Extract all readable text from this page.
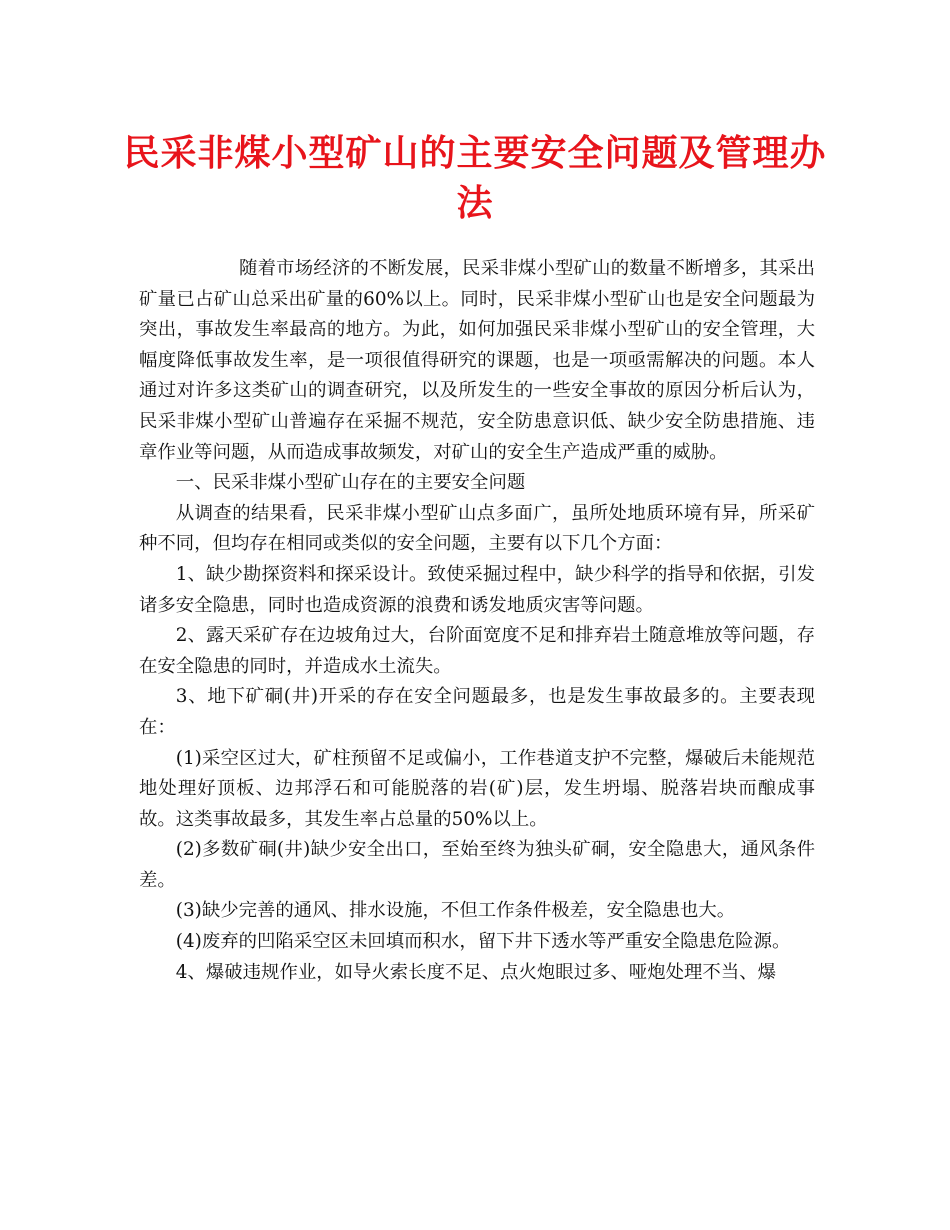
民采非煤小型矿山的主要安全问题及管理办法

随着市场经济的不断发展，民采非煤小型矿山的数量不断增多，其采出矿量已占矿山总采出矿量的60%以上。同时，民采非煤小型矿山也是安全问题最为突出，事故发生率最高的地方。为此，如何加强民采非煤小型矿山的安全管理，大幅度降低事故发生率，是一项很值得研究的课题，也是一项亟需解决的问题。本人通过对许多这类矿山的调查研究，以及所发生的一些安全事故的原因分析后认为，民采非煤小型矿山普遍存在采掘不规范，安全防患意识低、缺少安全防患措施、违章作业等问题，从而造成事故频发，对矿山的安全生产造成严重的威胁。

一、民采非煤小型矿山存在的主要安全问题

从调查的结果看，民采非煤小型矿山点多面广，虽所处地质环境有异，所采矿种不同，但均存在相同或类似的安全问题，主要有以下几个方面：

1、缺少勘探资料和探采设计。致使采掘过程中，缺少科学的指导和依据，引发诸多安全隐患，同时也造成资源的浪费和诱发地质灾害等问题。

2、露天采矿存在边坡角过大，台阶面宽度不足和排弃岩土随意堆放等问题，存在安全隐患的同时，并造成水土流失。

3、地下矿硐(井)开采的存在安全问题最多，也是发生事故最多的。主要表现在：

(1)采空区过大，矿柱预留不足或偏小，工作巷道支护不完整，爆破后未能规范地处理好顶板、边邦浮石和可能脱落的岩(矿)层，发生坍塌、脱落岩块而酿成事故。这类事故最多，其发生率占总量的50%以上。

(2)多数矿硐(井)缺少安全出口，至始至终为独头矿硐，安全隐患大，通风条件差。

(3)缺少完善的通风、排水设施，不但工作条件极差，安全隐患也大。

(4)废弃的凹陷采空区未回填而积水，留下井下透水等严重安全隐患危险源。

4、爆破违规作业，如导火索长度不足、点火炮眼过多、哑炮处理不当、爆
